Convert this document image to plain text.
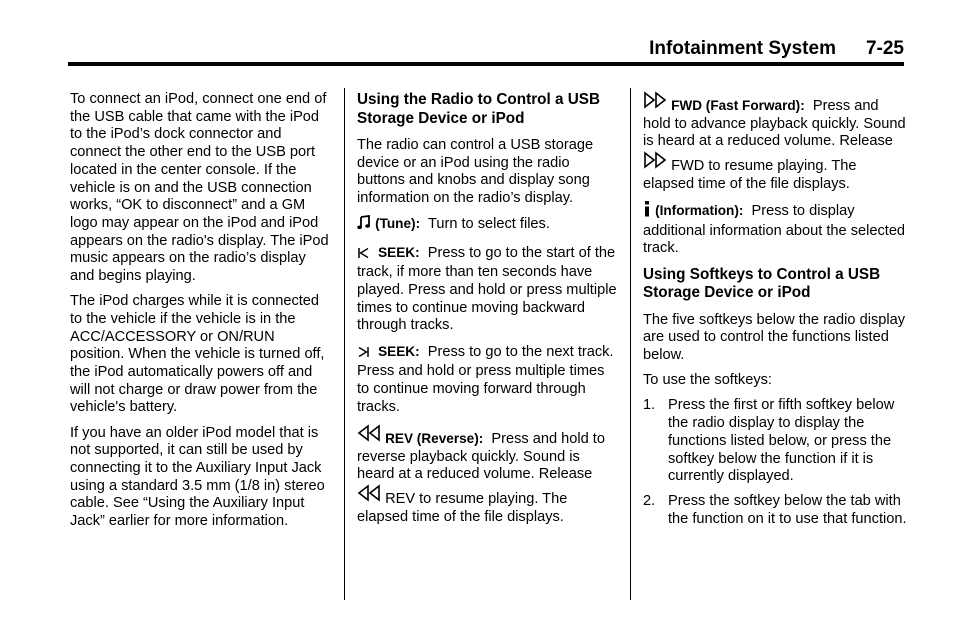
Infotainment System 7-25

To connect an iPod, connect one end of the USB cable that came with the iPod to the iPod’s dock connector and connect the other end to the USB port located in the center console. If the vehicle is on and the USB connection works, “OK to disconnect” and a GM logo may appear on the iPod and iPod appears on the radio's display. The iPod music appears on the radio’s display and begins playing.

The iPod charges while it is connected to the vehicle if the vehicle is in the ACC/ACCESSORY or ON/RUN position. When the vehicle is turned off, the iPod automatically powers off and will not charge or draw power from the vehicle's battery.

If you have an older iPod model that is not supported, it can still be used by connecting it to the Auxiliary Input Jack using a standard 3.5 mm (1/8 in) stereo cable. See “Using the Auxiliary Input Jack” earlier for more information.

Using the Radio to Control a USB Storage Device or iPod

The radio can control a USB storage device or an iPod using the radio buttons and knobs and display song information on the radio’s display.

(Tune): Turn to select files.

SEEK: Press to go to the start of the track, if more than ten seconds have played. Press and hold or press multiple times to continue moving backward through tracks.

SEEK: Press to go to the next track. Press and hold or press multiple times to continue moving forward through tracks.

REV (Reverse): Press and hold to reverse playback quickly. Sound is heard at a reduced volume. Release  REV to resume playing. The elapsed time of the file displays.

FWD (Fast Forward): Press and hold to advance playback quickly. Sound is heard at a reduced volume. Release  FWD to resume playing. The elapsed time of the file displays.

(Information): Press to display additional information about the selected track.

Using Softkeys to Control a USB Storage Device or iPod

The five softkeys below the radio display are used to control the functions listed below.

To use the softkeys:

1. Press the first or fifth softkey below the radio display to display the functions listed below, or press the softkey below the function if it is currently displayed.
2. Press the softkey below the tab with the function on it to use that function.
